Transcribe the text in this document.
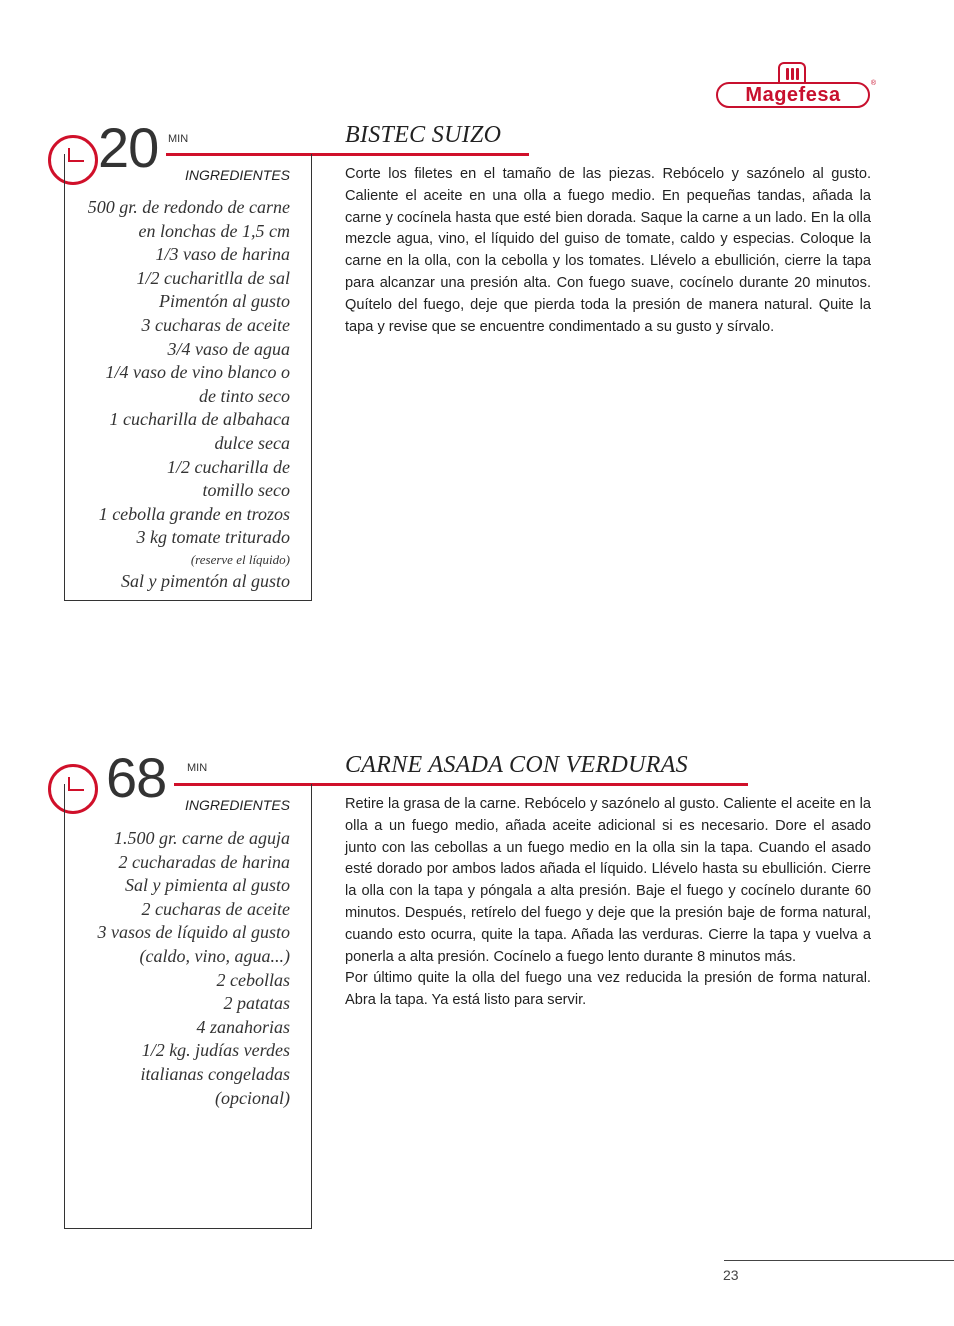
Magefesa	®
20 MIN	BISTEC SUIZO
INGREDIENTES
500 gr. de redondo de carne
en lonchas de 1,5 cm
1/3 vaso de harina
1/2 cucharitlla de sal
Pimentón al gusto
3 cucharas de aceite
3/4 vaso de agua
1/4 vaso de vino blanco o
de tinto seco
1 cucharilla de albahaca
dulce seca
1/2 cucharilla de
tomillo seco
1 cebolla grande en trozos
3 kg tomate triturado
(reserve el líquido)
Sal y pimentón al gusto

Corte los filetes en el tamaño de las piezas. Rebócelo y sazónelo al gusto. Caliente el aceite en una olla a fuego medio. En pequeñas tandas, añada la carne y cocínela hasta que esté bien dorada. Saque la carne a un lado. En la olla mezcle agua, vino, el líquido del guiso de tomate, caldo y especias. Coloque la carne en la olla, con la cebolla y los tomates. Llévelo a ebullición, cierre la tapa para alcanzar una presión alta. Con fuego suave, cocínelo durante 20 minutos. Quítelo del fuego, deje que pierda toda la presión de manera natural. Quite la tapa y revise que se encuentre condimentado a su gusto y sírvalo.

68 MIN	CARNE ASADA CON VERDURAS
INGREDIENTES
1.500 gr. carne de aguja
2 cucharadas de harina
Sal y pimienta al gusto
2 cucharas de aceite
3 vasos de líquido al gusto
(caldo, vino, agua...)
2 cebollas
2 patatas
4 zanahorias
1/2 kg. judías verdes
italianas congeladas
(opcional)

Retire la grasa de la carne. Rebócelo y sazónelo al gusto. Caliente el aceite en la olla a un fuego medio, añada aceite adicional si es necesario. Dore el asado junto con las cebollas a un fuego medio en la olla sin la tapa. Cuando el asado esté dorado por ambos lados añada el líquido. Llévelo hasta su ebullición. Cierre la olla con la tapa y póngala a alta presión. Baje el fuego y cocínelo durante 60 minutos. Después, retírelo del fuego y deje que la presión baje de forma natural, cuando esto ocurra, quite la tapa. Añada las verduras. Cierre la tapa y vuelva a ponerla a alta presión. Cocínelo a fuego lento durante 8 minutos más.

Por último quite la olla del fuego una vez reducida la presión de forma natural. Abra la tapa. Ya está listo para servir.

23
